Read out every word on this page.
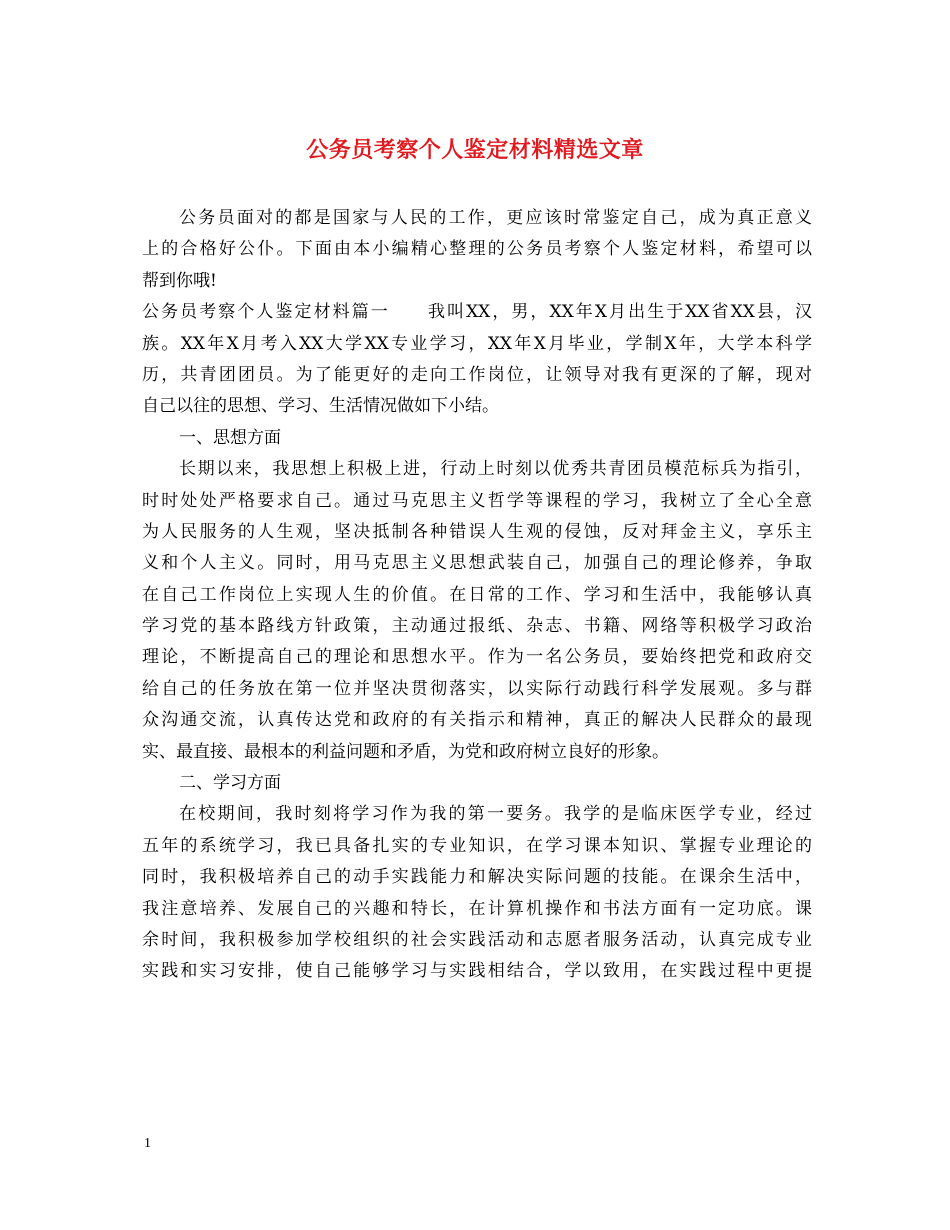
公务员考察个人鉴定材料精选文章
公务员面对的都是国家与人民的工作，更应该时常鉴定自己，成为真正意义
上的合格好公仆。下面由本小编精心整理的公务员考察个人鉴定材料，希望可以
帮到你哦!
公务员考察个人鉴定材料篇一　　我叫XX，男，XX年X月出生于XX省XX县，汉
族。XX年X月考入XX大学XX专业学习，XX年X月毕业，学制X年，大学本科学
历，共青团团员。为了能更好的走向工作岗位，让领导对我有更深的了解，现对
自己以往的思想、学习、生活情况做如下小结。
一、思想方面
长期以来，我思想上积极上进，行动上时刻以优秀共青团员模范标兵为指引，
时时处处严格要求自己。通过马克思主义哲学等课程的学习，我树立了全心全意
为人民服务的人生观，坚决抵制各种错误人生观的侵蚀，反对拜金主义，享乐主
义和个人主义。同时，用马克思主义思想武装自己，加强自己的理论修养，争取
在自己工作岗位上实现人生的价值。在日常的工作、学习和生活中，我能够认真
学习党的基本路线方针政策，主动通过报纸、杂志、书籍、网络等积极学习政治
理论，不断提高自己的理论和思想水平。作为一名公务员，要始终把党和政府交
给自己的任务放在第一位并坚决贯彻落实，以实际行动践行科学发展观。多与群
众沟通交流，认真传达党和政府的有关指示和精神，真正的解决人民群众的最现
实、最直接、最根本的利益问题和矛盾，为党和政府树立良好的形象。
二、学习方面
在校期间，我时刻将学习作为我的第一要务。我学的是临床医学专业，经过
五年的系统学习，我已具备扎实的专业知识，在学习课本知识、掌握专业理论的
同时，我积极培养自己的动手实践能力和解决实际问题的技能。在课余生活中，
我注意培养、发展自己的兴趣和特长，在计算机操作和书法方面有一定功底。课
余时间，我积极参加学校组织的社会实践活动和志愿者服务活动，认真完成专业
实践和实习安排，使自己能够学习与实践相结合，学以致用，在实践过程中更提
1
